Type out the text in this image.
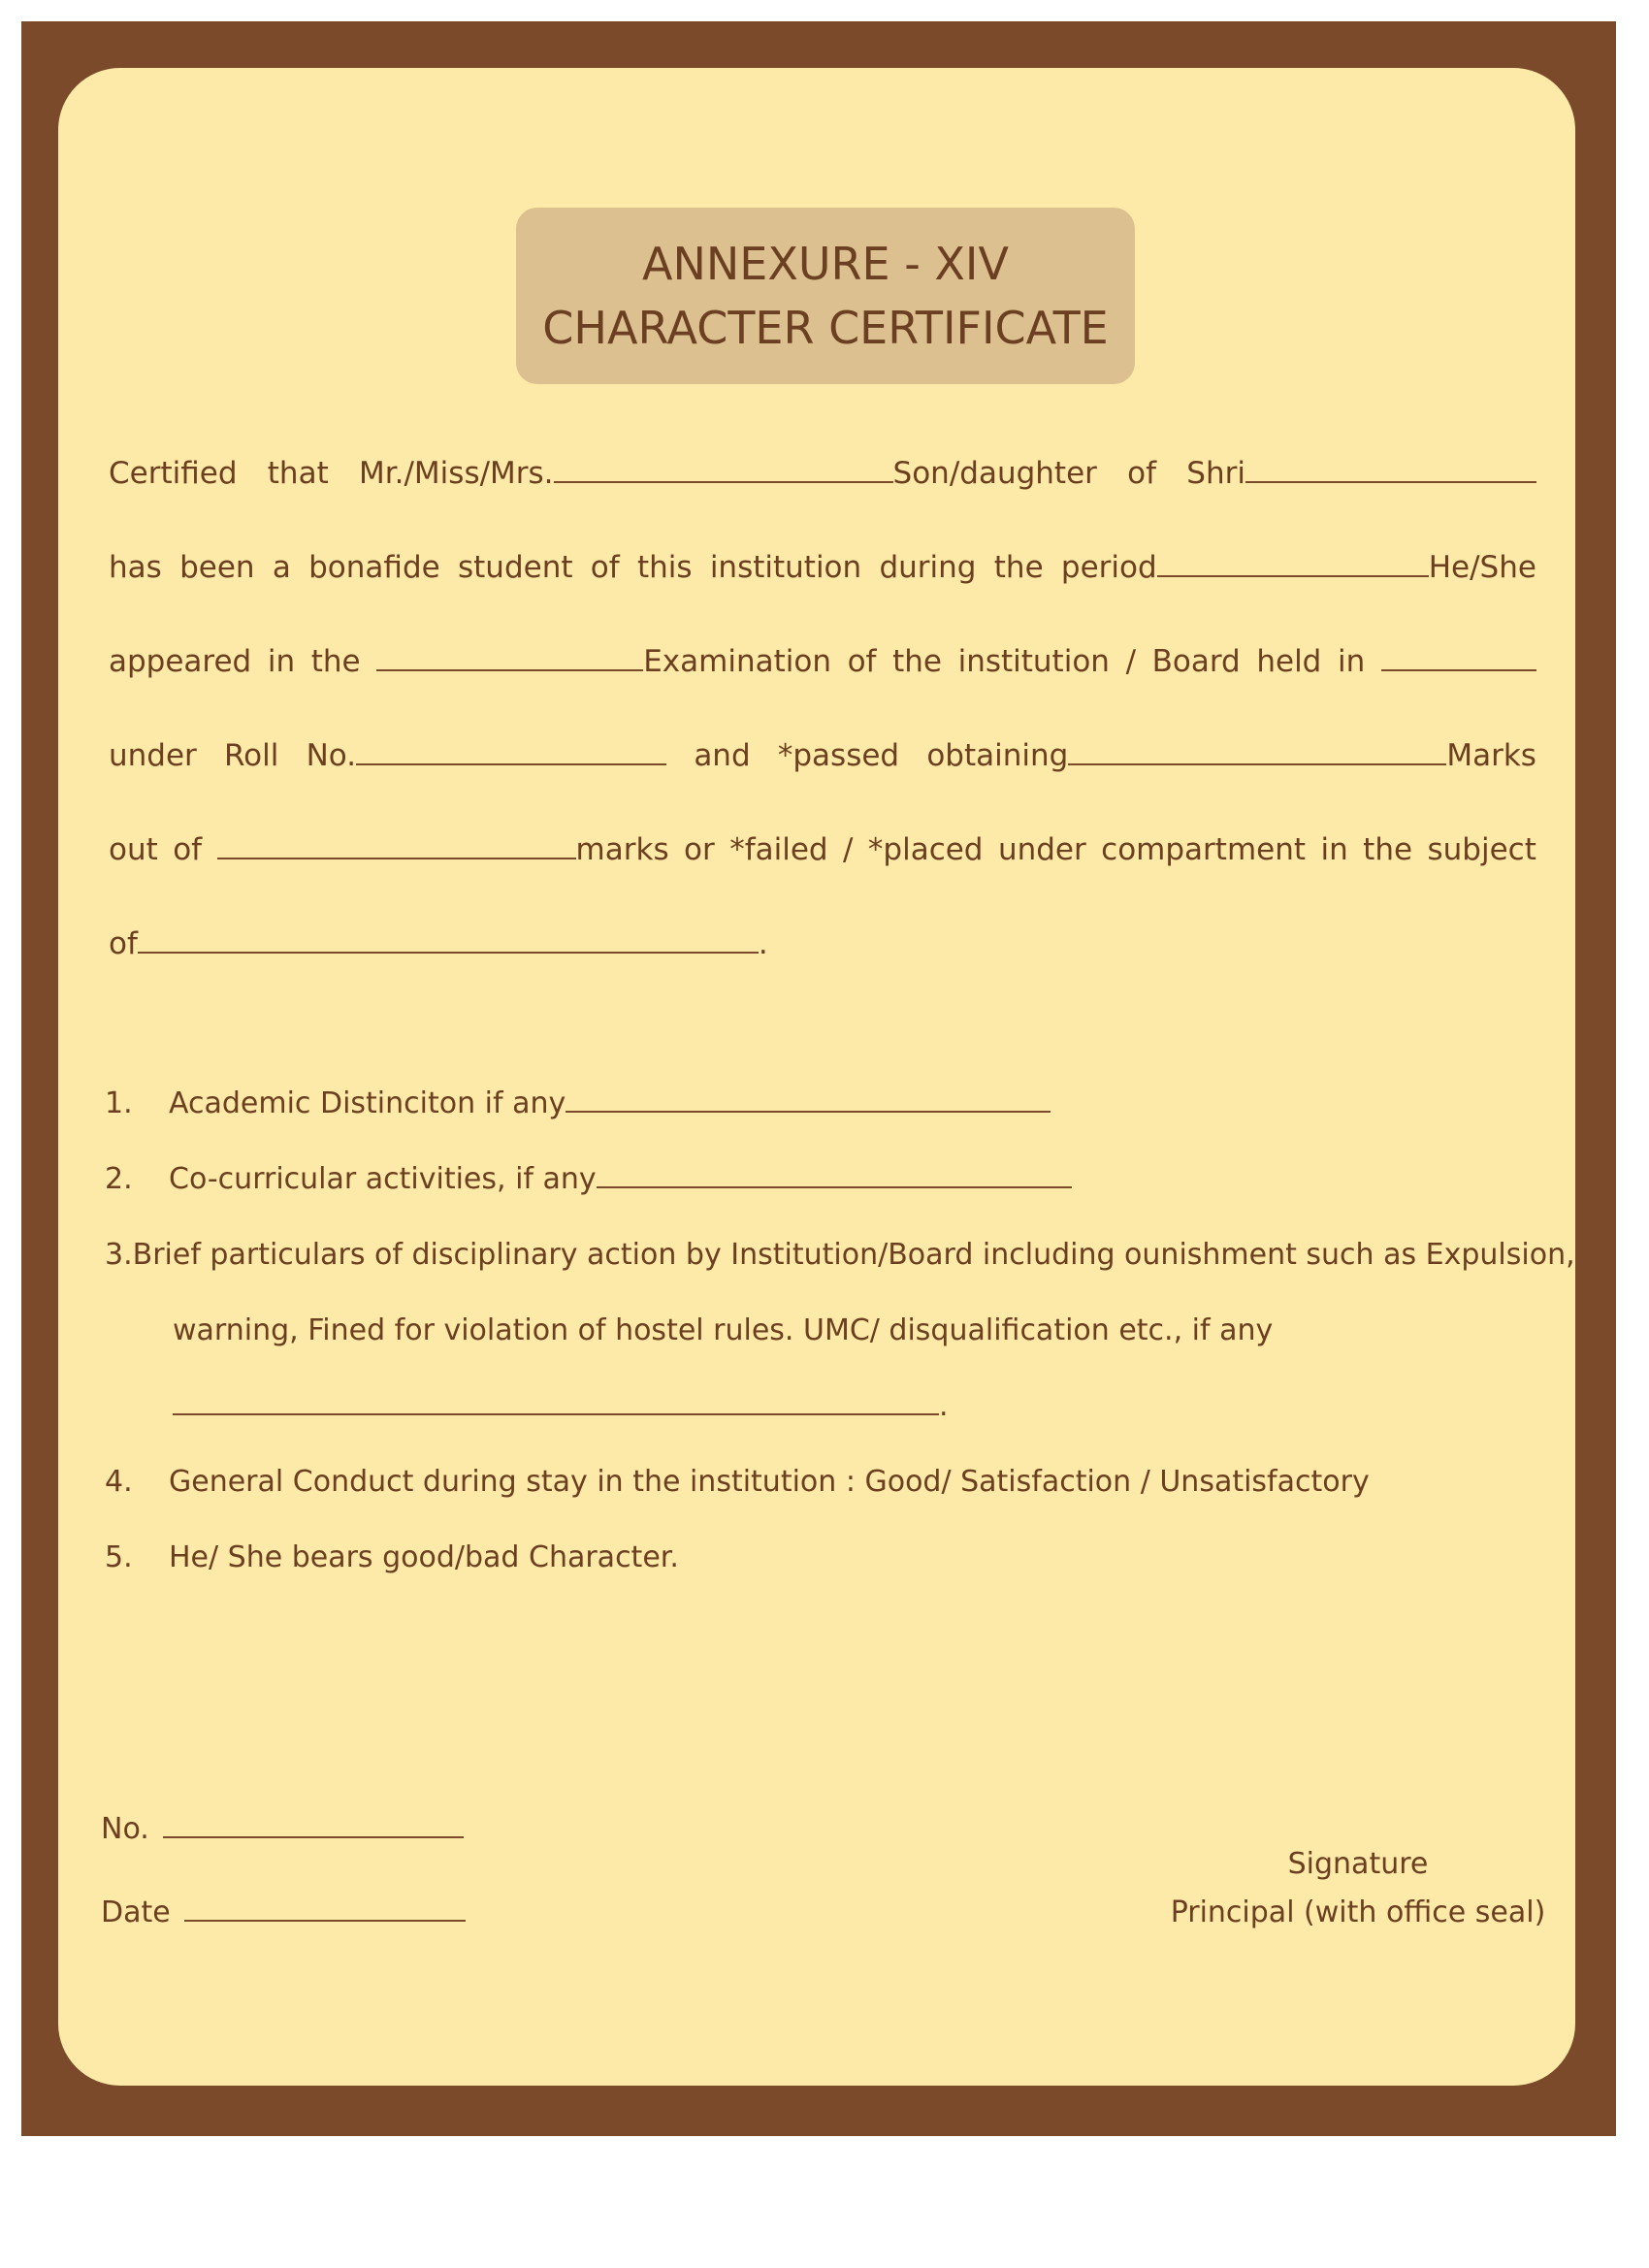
ANNEXURE - XIV
CHARACTER CERTIFICATE
Certified that Mr./Miss/Mrs.	Son/daughter of Shri
has been a bonafide student of this institution during the period	He/She
appeared in the	Examination of the institution / Board held in
under Roll No.	and *passed obtaining	Marks
out of	marks or *failed / *placed under compartment in the subject
of	.
1.	Academic Distinciton if any
2.	Co-curricular activities, if any
3. Brief particulars of disciplinary action by Institution/Board including ounishment such as Expulsion,
warning, Fined for violation of hostel rules. UMC/ disqualification etc., if any
.
4.	General Conduct during stay in the institution : Good/ Satisfaction / Unsatisfactory
5.	He/ She bears good/bad Character.
No.
Date
Signature
Principal (with office seal)
